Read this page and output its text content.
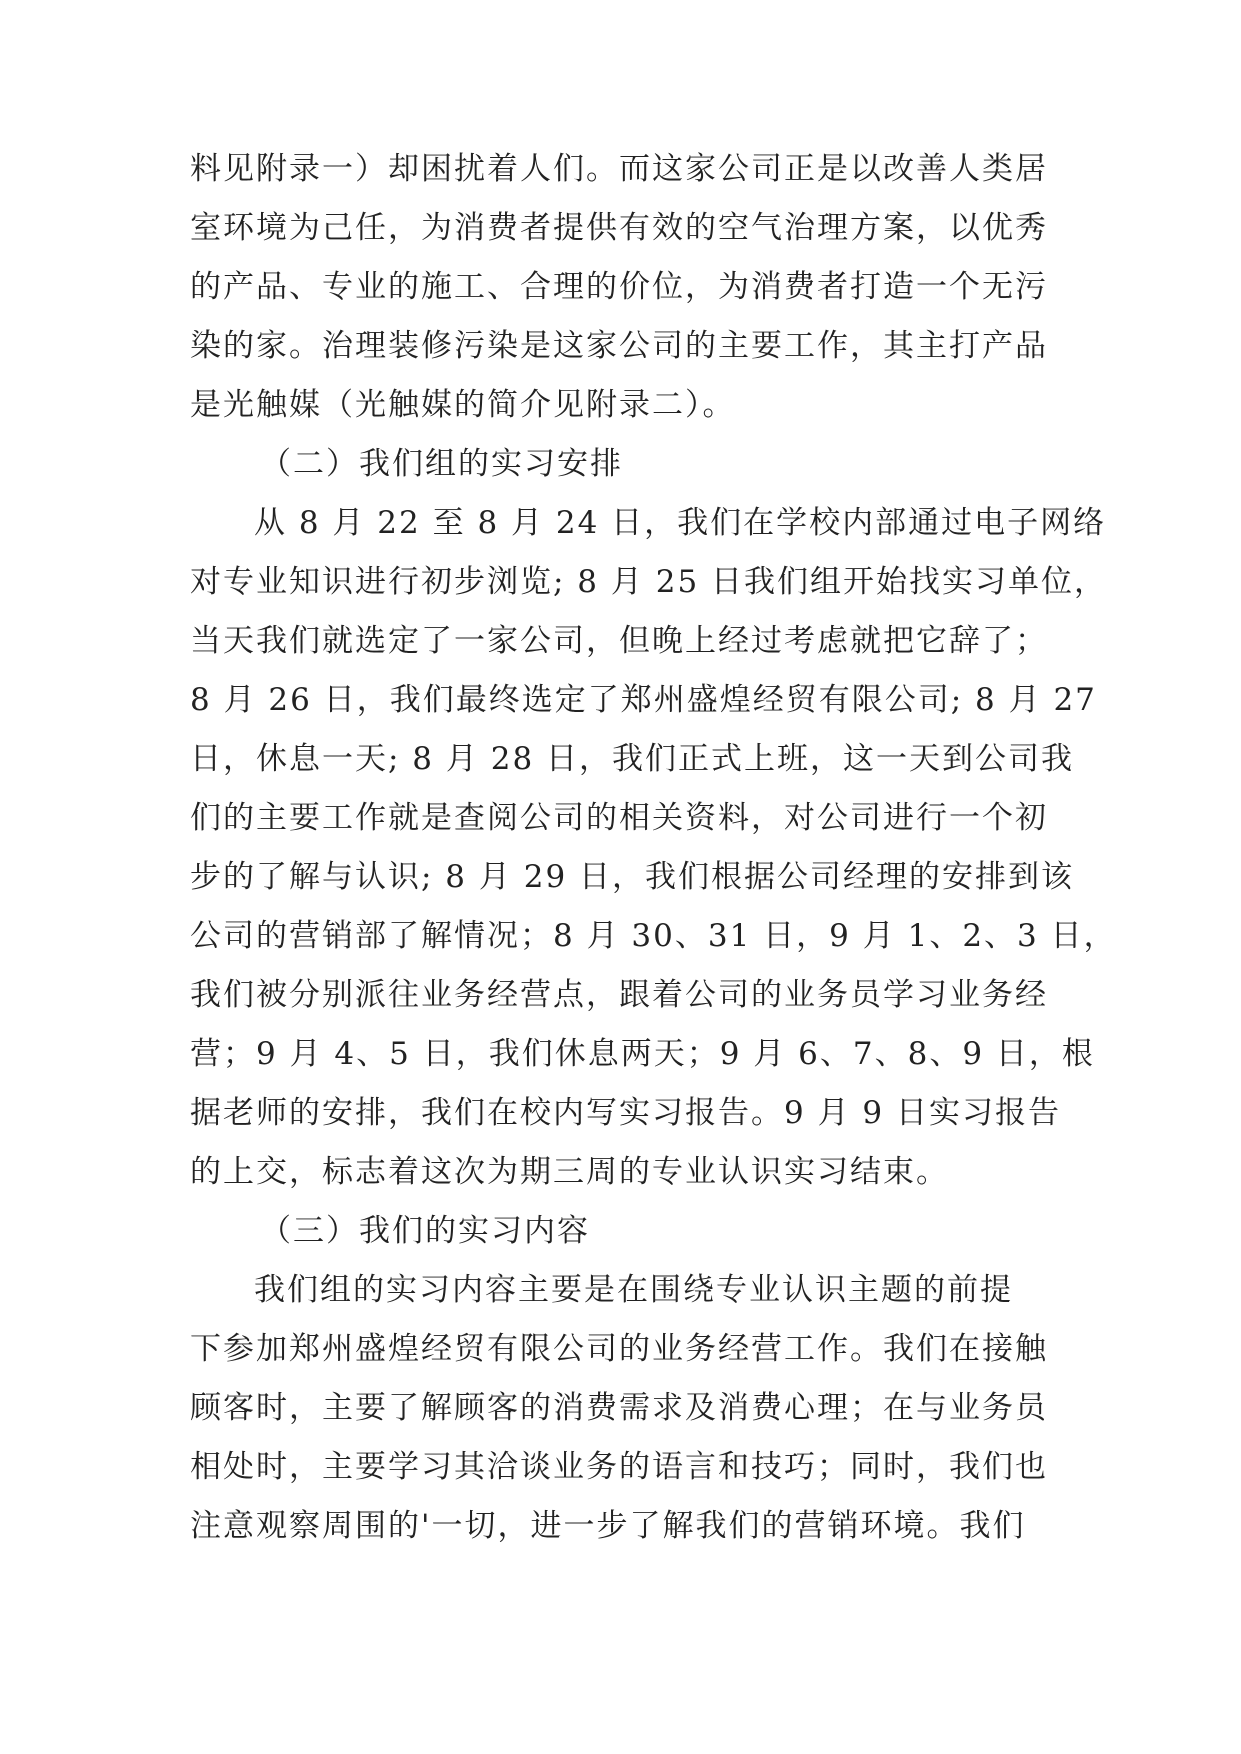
料见附录一）却困扰着人们。而这家公司正是以改善人类居
室环境为己任，为消费者提供有效的空气治理方案，以优秀
的产品、专业的施工、合理的价位，为消费者打造一个无污
染的家。治理装修污染是这家公司的主要工作，其主打产品
是光触媒（光触媒的简介见附录二）。
（二）我们组的实习安排
从 8 月 22 至 8 月 24 日，我们在学校内部通过电子网络
对专业知识进行初步浏览; 8 月 25 日我们组开始找实习单位，
当天我们就选定了一家公司，但晚上经过考虑就把它辞了；
8 月 26 日，我们最终选定了郑州盛煌经贸有限公司; 8 月 27
日，休息一天; 8 月 28 日，我们正式上班，这一天到公司我
们的主要工作就是查阅公司的相关资料，对公司进行一个初
步的了解与认识; 8 月 29 日，我们根据公司经理的安排到该
公司的营销部了解情况；8 月 30、31 日，9 月 1、2、3 日，
我们被分别派往业务经营点，跟着公司的业务员学习业务经
营；9 月 4、5 日，我们休息两天；9 月 6、7、8、9 日，根
据老师的安排，我们在校内写实习报告。9 月 9 日实习报告
的上交，标志着这次为期三周的专业认识实习结束。
（三）我们的实习内容
我们组的实习内容主要是在围绕专业认识主题的前提
下参加郑州盛煌经贸有限公司的业务经营工作。我们在接触
顾客时，主要了解顾客的消费需求及消费心理；在与业务员
相处时，主要学习其洽谈业务的语言和技巧；同时，我们也
注意观察周围的'一切，进一步了解我们的营销环境。我们
